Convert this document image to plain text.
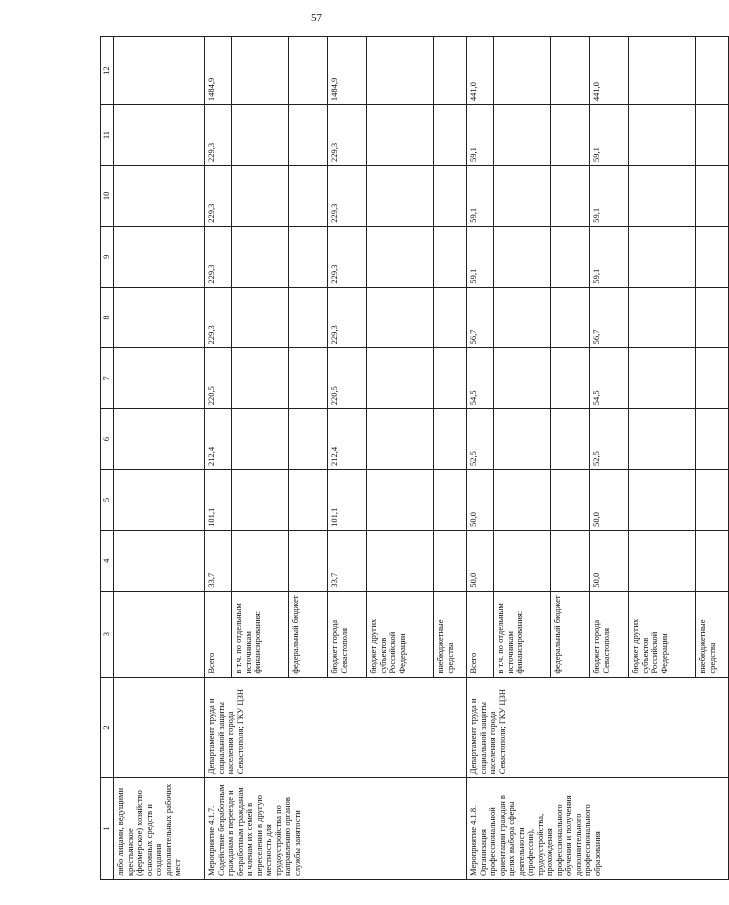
57
1	2	3	4	5	6	7	8	9	10	11	12
либо лицами, ведущими крестьянское (фермерское) хозяйство основных средств и создания дополнительных рабочих мест											
Мероприятие 4.1.7. Содействие безработным гражданам в переезде и безработным гражданам и членам их семей в переселении в другую местность для трудоустройства по направлению органов службы занятости	Департамент труда и социальной защиты населения города Севастополя; ГКУ ЦЗН	Всего	33,7	101,1	212,4	220,5	229,3	229,3	229,3	229,3	1484,9
		в т.ч. по отдельным источникам финансирования:									
		федеральный бюджет									
		бюджет города Севастополя	33,7	101,1	212,4	220,5	229,3	229,3	229,3	229,3	1484,9
		бюджет других субъектов Российской Федерации									
		внебюджетные средства									
Мероприятие 4.1.8. Организация профессиональной ориентации граждан в целях выбора сферы деятельности (профессии), трудоустройства, прохождения профессионального обучения и получения дополнительного профессионального образования	Департамент труда и социальной защиты населения города Севастополя; ГКУ ЦЗН	Всего	50,0	50,0	52,5	54,5	56,7	59,1	59,1	59,1	441,0
		в т.ч. по отдельным источникам финансирования:									
		федеральный бюджет									
		бюджет города Севастополя	50,0	50,0	52,5	54,5	56,7	59,1	59,1	59,1	441,0
		бюджет других субъектов Российской Федерации									
		внебюджетные средства									
